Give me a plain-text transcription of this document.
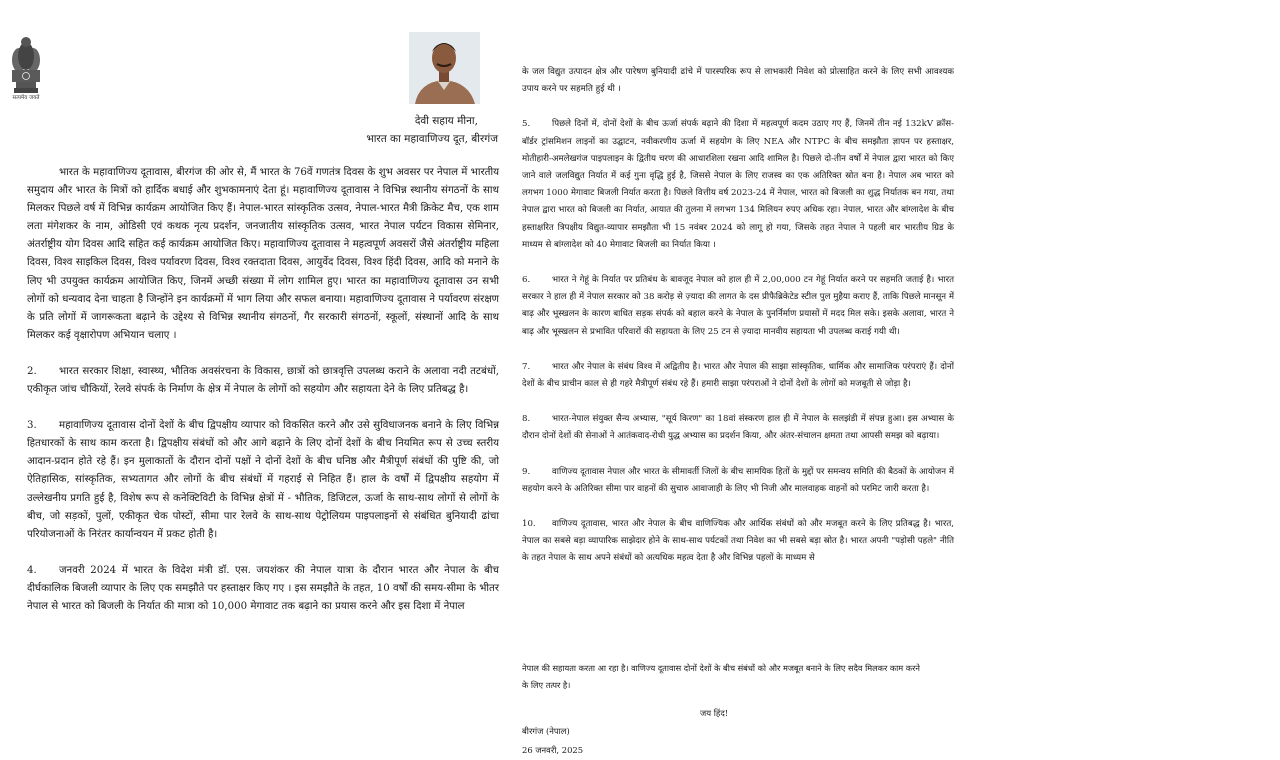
सत्यमेव जयते
देवी सहाय मीना,
भारत का महावाणिज्य दूत, बीरगंज

भारत के महावाणिज्य दूतावास, बीरगंज की ओर से, मैं भारत के 76वें गणतंत्र दिवस के शुभ अवसर पर नेपाल में भारतीय समुदाय और भारत के मित्रों को हार्दिक बधाई और शुभकामनाएं देता हूं। महावाणिज्य दूतावास ने विभिन्न स्थानीय संगठनों के साथ मिलकर पिछले वर्ष में विभिन्न कार्यक्रम आयोजित किए हैं। नेपाल-भारत सांस्कृतिक उत्सव, नेपाल-भारत मैत्री क्रिकेट मैच, एक शाम लता मंगेशकर के नाम, ओडिसी एवं कथक नृत्य प्रदर्शन, जनजातीय सांस्कृतिक उत्सव, भारत नेपाल पर्यटन विकास सेमिनार, अंतर्राष्ट्रीय योग दिवस आदि सहित कई कार्यक्रम आयोजित किए। महावाणिज्य दूतावास ने महत्वपूर्ण अवसरों जैसे अंतर्राष्ट्रीय महिला दिवस, विश्व साइकिल दिवस, विश्व पर्यावरण दिवस, विश्व रक्तदाता दिवस, आयुर्वेद दिवस, विश्व हिंदी दिवस, आदि को मनाने के लिए भी उपयुक्त कार्यक्रम आयोजित किए, जिनमें अच्छी संख्या में लोग शामिल हुए। भारत का महावाणिज्य दूतावास उन सभी लोगों को धन्यवाद देना चाहता है जिन्होंने इन कार्यक्रमों में भाग लिया और सफल बनाया। महावाणिज्य दूतावास ने पर्यावरण संरक्षण के प्रति लोगों में जागरूकता बढ़ाने के उद्देश्य से विभिन्न स्थानीय संगठनों, गैर सरकारी संगठनों, स्कूलों, संस्थानों आदि के साथ मिलकर कई वृक्षारोपण अभियान चलाए ।

2. भारत सरकार शिक्षा, स्वास्थ्य, भौतिक अवसंरचना के विकास, छात्रों को छात्रवृत्ति उपलब्ध कराने के अलावा नदी तटबंधों, एकीकृत जांच चौकियों, रेलवे संपर्क के निर्माण के क्षेत्र में नेपाल के लोगों को सहयोग और सहायता देने के लिए प्रतिबद्ध है।

3. महावाणिज्य दूतावास दोनों देशों के बीच द्विपक्षीय व्यापार को विकसित करने और उसे सुविधाजनक बनाने के लिए विभिन्न हितधारकों के साथ काम करता है। द्विपक्षीय संबंधों को और आगे बढ़ाने के लिए दोनों देशों के बीच नियमित रूप से उच्च स्तरीय आदान-प्रदान होते रहे हैं। इन मुलाकातों के दौरान दोनों पक्षों ने दोनों देशों के बीच घनिष्ठ और मैत्रीपूर्ण संबंधों की पुष्टि की, जो ऐतिहासिक, सांस्कृतिक, सभ्यतागत और लोगों के बीच संबंधों में गहराई से निहित हैं। हाल के वर्षों में द्विपक्षीय सहयोग में उल्लेखनीय प्रगति हुई है, विशेष रूप से कनेक्टिविटी के विभिन्न क्षेत्रों में - भौतिक, डिजिटल, ऊर्जा के साथ-साथ लोगों से लोगों के बीच, जो सड़कों, पुलों, एकीकृत चेक पोस्टों, सीमा पार रेलवे के साथ-साथ पेट्रोलियम पाइपलाइनों से संबंधित बुनियादी ढांचा परियोजनाओं के निरंतर कार्यान्वयन में प्रकट होती है।

4. जनवरी 2024 में भारत के विदेश मंत्री डॉ. एस. जयशंकर की नेपाल यात्रा के दौरान भारत और नेपाल के बीच दीर्घकालिक बिजली व्यापार के लिए एक समझौते पर हस्ताक्षर किए गए । इस समझौते के तहत, 10 वर्षों की समय-सीमा के भीतर नेपाल से भारत को बिजली के निर्यात की मात्रा को 10,000 मेगावाट तक बढ़ाने का प्रयास करने और इस दिशा में नेपाल

के जल विद्युत उत्पादन क्षेत्र और पारेषण बुनियादी ढांचे में पारस्परिक रूप से लाभकारी निवेश को प्रोत्साहित करने के लिए सभी आवश्यक उपाय करने पर सहमति हुई थी ।

5.	पिछले दिनों में, दोनों देशों के बीच ऊर्जा संपर्क बढ़ाने की दिशा में महत्वपूर्ण कदम उठाए गए हैं, जिनमें तीन नई 132kV क्रॉस-बॉर्डर ट्रांसमिशन लाइनों का उद्घाटन, नवीकरणीय ऊर्जा में सहयोग के लिए NEA और NTPC के बीच समझौता ज्ञापन पर हस्ताक्षर, मोतीहारी-अमलेखगंज पाइपलाइन के द्वितीय चरण की आधारशिला रखना आदि शामिल है। पिछले दो-तीन वर्षों में नेपाल द्वारा भारत को किए जाने वाले जलविद्युत निर्यात में कई गुना वृद्धि हुई है, जिससे नेपाल के लिए राजस्व का एक अतिरिक्त स्रोत बना है। नेपाल अब भारत को लगभग 1000 मेगावाट बिजली निर्यात करता है। पिछले वित्तीय वर्ष 2023-24 में नेपाल, भारत को बिजली का शुद्ध निर्यातक बन गया, तथा नेपाल द्वारा भारत को बिजली का निर्यात, आयात की तुलना में लगभग 134 मिलियन रुपए अधिक रहा। नेपाल, भारत और बांग्लादेश के बीच हस्ताक्षरित त्रिपक्षीय विद्युत-व्यापार समझौता भी 15 नवंबर 2024 को लागू हो गया, जिसके तहत नेपाल ने पहली बार भारतीय ग्रिड के माध्यम से बांग्लादेश को 40 मेगावाट बिजली का निर्यात किया ।

6.	भारत ने गेहूं के निर्यात पर प्रतिबंध के बावजूद नेपाल को हाल ही में 2,00,000 टन गेहूं निर्यात करने पर सहमति जताई है। भारत सरकार ने हाल ही में नेपाल सरकार को 38 करोड़ से ज़्यादा की लागत के दस प्रीफैब्रिकेटेड स्टील पुल मुहैया कराए हैं, ताकि पिछले मानसून में बाढ़ और भूस्खलन के कारण बाधित सड़क संपर्क को बहाल करने के नेपाल के पुनर्निर्माण प्रयासों में मदद मिल सके। इसके अलावा, भारत ने बाढ़ और भूस्खलन से प्रभावित परिवारों की सहायता के लिए 25 टन से ज़्यादा मानवीय सहायता भी उपलब्ध कराई गयी थी।

7.	भारत और नेपाल के संबंध विश्व में अद्वितीय है। भारत और नेपाल की साझा सांस्कृतिक, धार्मिक और सामाजिक परंपराएं हैं। दोनों देशों के बीच प्राचीन काल से ही गहरे मैत्रीपूर्ण संबंध रहे हैं। हमारी साझा परंपराओं ने दोनों देशों के लोगों को मजबूती से जोड़ा है।

8.	भारत-नेपाल संयुक्त सैन्य अभ्यास, "सूर्य किरण" का 18वां संस्करण हाल ही में नेपाल के सलझंडी में संपन्न हुआ। इस अभ्यास के दौरान दोनों देशों की सेनाओं ने आतंकवाद-रोधी युद्ध अभ्यास का प्रदर्शन किया, और अंतर-संचालन क्षमता तथा आपसी समझ को बढ़ाया।

9.	वाणिज्य दूतावास नेपाल और भारत के सीमावर्ती जिलों के बीच सामयिक हितों के मुद्दों पर समन्वय समिति की बैठकों के आयोजन में सहयोग करने के अतिरिक्त सीमा पार वाहनों की सुचारु आवाजाही के लिए भी निजी और मालवाहक वाहनों को परमिट जारी करता है।

10. वाणिज्य दूतावास, भारत और नेपाल के बीच वाणिज्यिक और आर्थिक संबंधों को और मजबूत करने के लिए प्रतिबद्ध है। भारत, नेपाल का सबसे बड़ा व्यापारिक साझेदार होने के साथ-साथ पर्यटकों तथा निवेश का भी सबसे बड़ा स्रोत है। भारत अपनी "पड़ोसी पहले" नीति के तहत नेपाल के साथ अपने संबंधों को अत्यधिक महत्व देता है और विभिन्न पहलों के माध्यम से

नेपाल की सहायता करता आ रहा है। वाणिज्य दूतावास दोनों देशों के बीच संबंधों को और मजबूत बनाने के लिए सदैव मिलकर काम करने के लिए तत्पर है।
जय हिंद!
बीरगंज (नेपाल)
26 जनवरी, 2025
